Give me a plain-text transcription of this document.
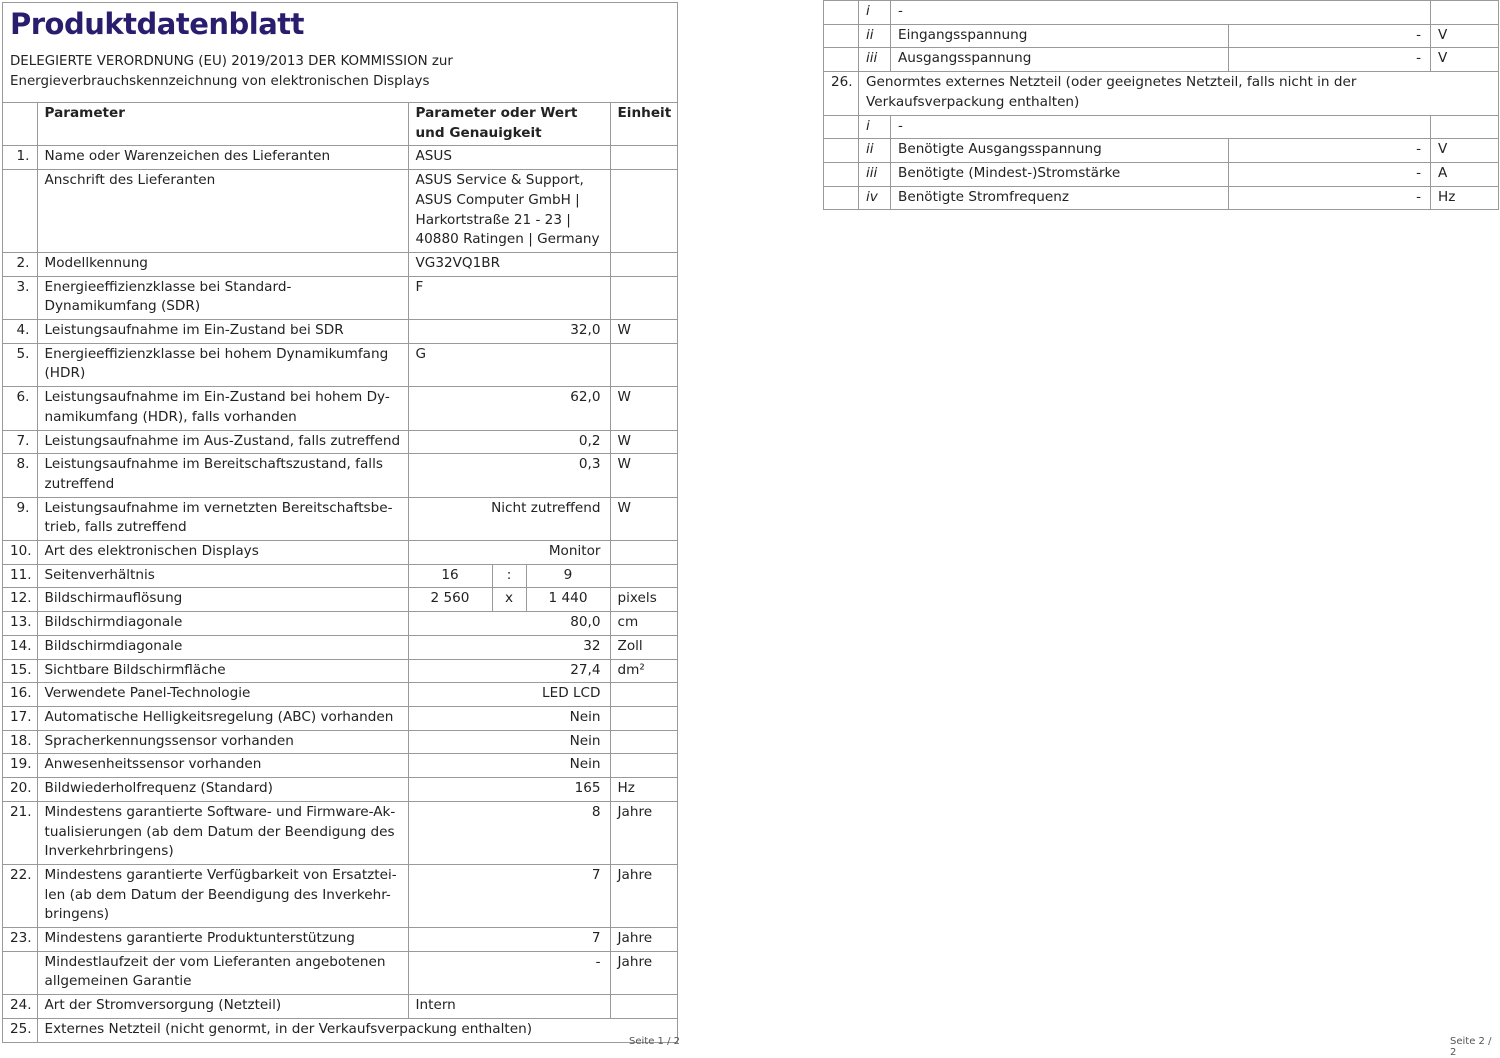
Produktdatenblatt
DELEGIERTE VERORDNUNG (EU) 2019/2013 DER KOMMISSION zur
Energieverbrauchskennzeichnung von elektronischen Displays
	Parameter	Parameter oder Wert und Genauigkeit			Einheit
1.	Name oder Warenzeichen des Lieferanten	ASUS			
	Anschrift des Lieferanten	ASUS Service & Support, ASUS Computer GmbH | Harkortstraße 21 - 23 | 40880 Ratingen | Germany			
2.	Modellkennung	VG32VQ1BR			
3.	Energieeffizienzklasse bei Standard-Dynamikumfang (SDR)	F			
4.	Leistungsaufnahme im Ein-Zustand bei SDR	32,0			W
5.	Energieeffizienzklasse bei hohem Dynamikumfang (HDR)	G			
6.	Leistungsaufnahme im Ein-Zustand bei hohem Dy-namikumfang (HDR), falls vorhanden	62,0			W
7.	Leistungsaufnahme im Aus-Zustand, falls zutreffend	0,2			W
8.	Leistungsaufnahme im Bereitschaftszustand, falls zutreffend	0,3			W
9.	Leistungsaufnahme im vernetzten Bereitschaftsbe-trieb, falls zutreffend	Nicht zutreffend			W
10.	Art des elektronischen Displays	Monitor			
11.	Seitenverhältnis	16	:	9	
12.	Bildschirmauflösung	2 560	x	1 440	pixels
13.	Bildschirmdiagonale	80,0			cm
14.	Bildschirmdiagonale	32			Zoll
15.	Sichtbare Bildschirmfläche	27,4			dm²
16.	Verwendete Panel-Technologie	LED LCD			
17.	Automatische Helligkeitsregelung (ABC) vorhanden	Nein			
18.	Spracherkennungssensor vorhanden	Nein			
19.	Anwesenheitssensor vorhanden	Nein			
20.	Bildwiederholfrequenz (Standard)	165			Hz
21.	Mindestens garantierte Software- und Firmware-Ak-tualisierungen (ab dem Datum der Beendigung des Inverkehrbringens)	8			Jahre
22.	Mindestens garantierte Verfügbarkeit von Ersatztei-len (ab dem Datum der Beendigung des Inverkehr-bringens)	7			Jahre
23.	Mindestens garantierte Produktunterstützung	7			Jahre
	Mindestlaufzeit der vom Lieferanten angebotenen allgemeinen Garantie	-			Jahre
24.	Art der Stromversorgung (Netzteil)	Intern			
25.	Externes Netzteil (nicht genormt, in der Verkaufsverpackung enthalten)				
Seite 1 / 2
	i	-		
	ii	Eingangsspannung	-	V
	iii	Ausgangsspannung	-	V
26.	Genormtes externes Netzteil (oder geeignetes Netzteil, falls nicht in der Verkaufsverpackung enthalten)			
	i	-		
	ii	Benötigte Ausgangsspannung	-	V
	iii	Benötigte (Mindest-)Stromstärke	-	A
	iv	Benötigte Stromfrequenz	-	Hz
Seite 2 / 2
